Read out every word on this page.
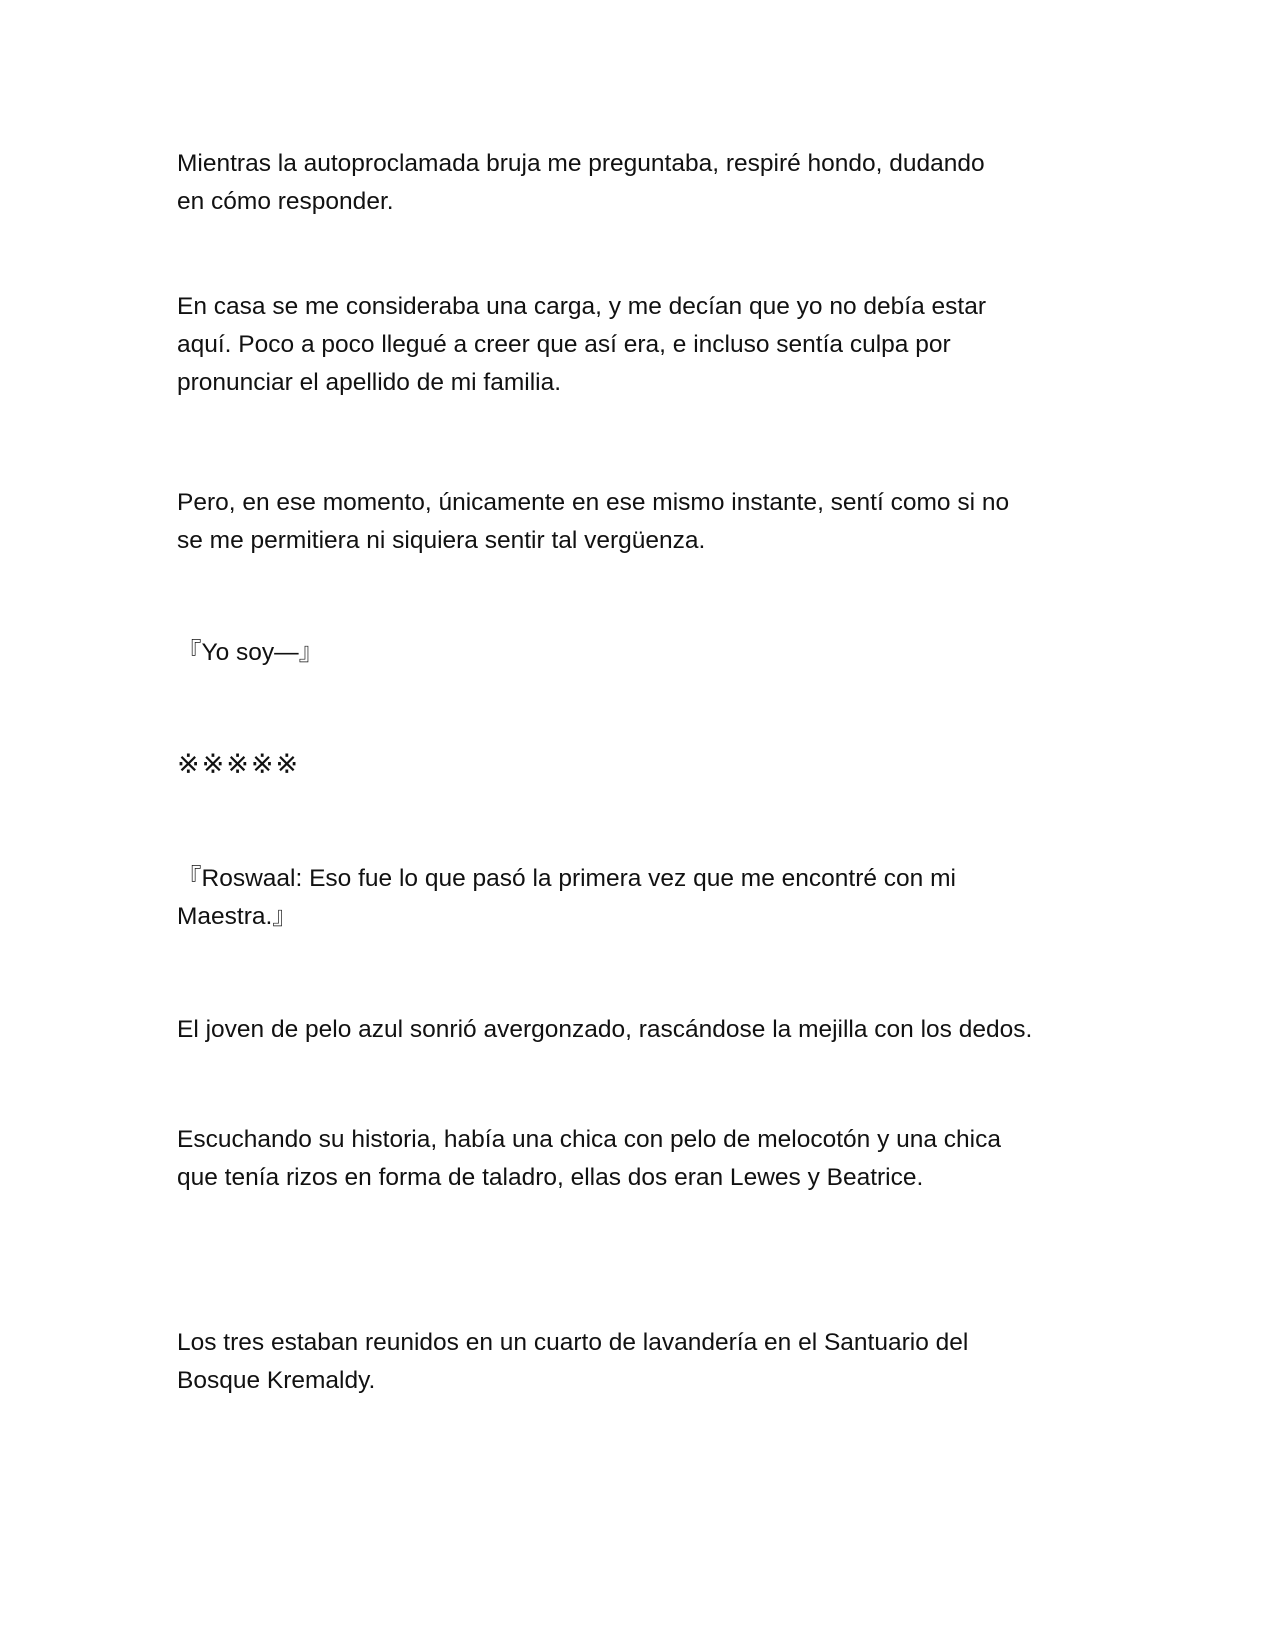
Mientras la autoproclamada bruja me preguntaba, respiré hondo, dudando
en cómo responder.

En casa se me consideraba una carga, y me decían que yo no debía estar
aquí. Poco a poco llegué a creer que así era, e incluso sentía culpa por
pronunciar el apellido de mi familia.

Pero, en ese momento, únicamente en ese mismo instante, sentí como si no
se me permitiera ni siquiera sentir tal vergüenza.

『Yo soy—』

※※※※※

『Roswaal: Eso fue lo que pasó la primera vez que me encontré con mi
Maestra.』

El joven de pelo azul sonrió avergonzado, rascándose la mejilla con los dedos.

Escuchando su historia, había una chica con pelo de melocotón y una chica
que tenía rizos en forma de taladro, ellas dos eran Lewes y Beatrice.

Los tres estaban reunidos en un cuarto de lavandería en el Santuario del
Bosque Kremaldy.
